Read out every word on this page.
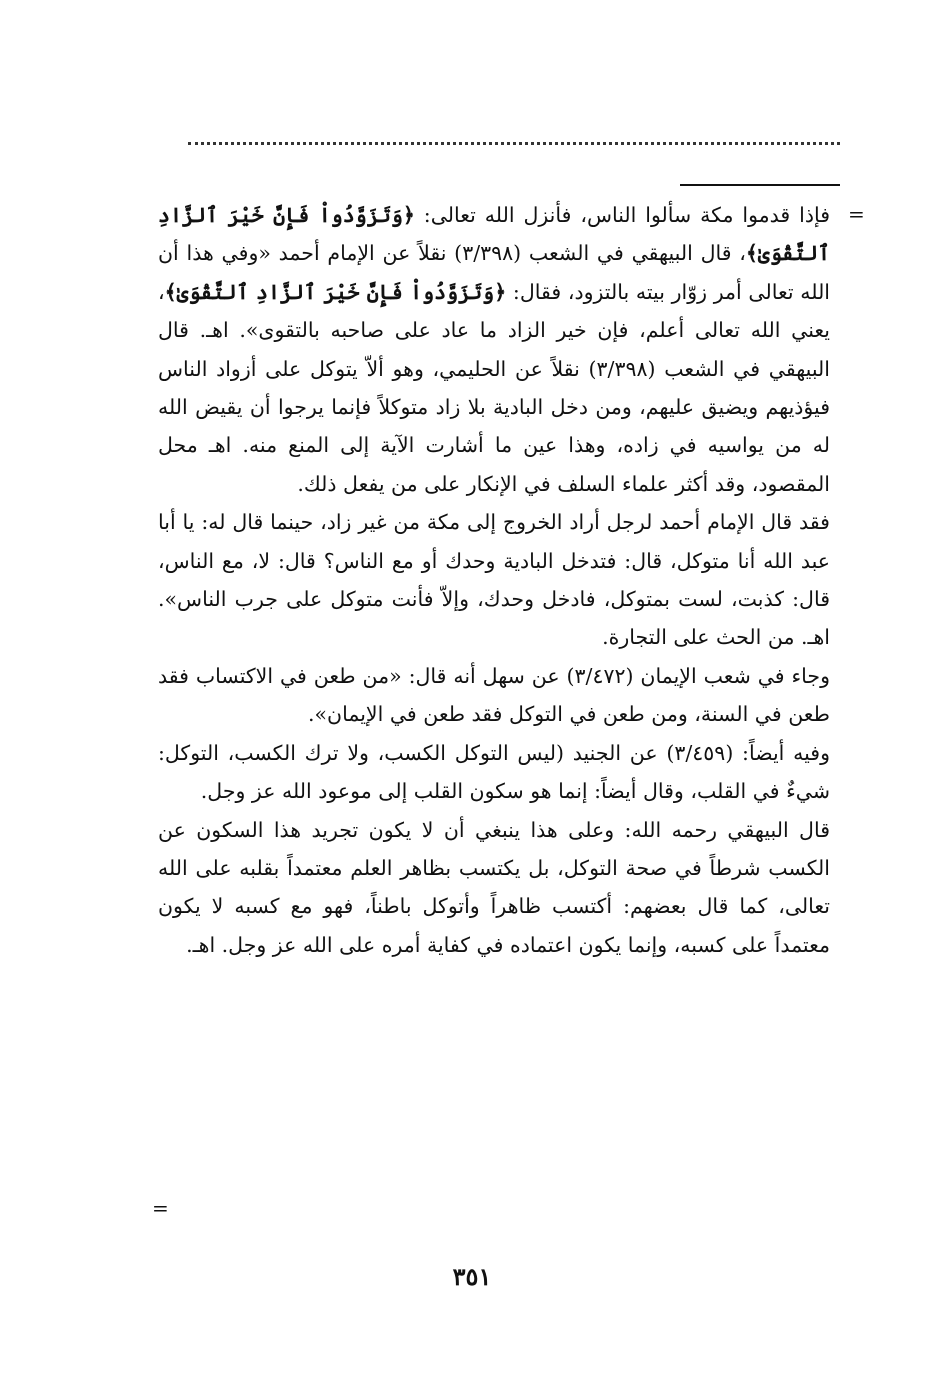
=

فإذا قدموا مكة سألوا الناس، فأنزل الله تعالى: ﴿وَتَزَوَّدُواْ فَإِنَّ خَيْرَ ٱلزَّادِ ٱلتَّقْوَىٰ﴾، قال البيهقي في الشعب (٣/٣٩٨) نقلاً عن الإمام أحمد «وفي هذا أن الله تعالى أمر زوّار بيته بالتزود، فقال: ﴿وَتَزَوَّدُواْ فَإِنَّ خَيْرَ ٱلزَّادِ ٱلتَّقْوَىٰ﴾، يعني الله تعالى أعلم، فإن خير الزاد ما عاد على صاحبه بالتقوى». اهـ. قال البيهقي في الشعب (٣/٣٩٨) نقلاً عن الحليمي، وهو ألاّ يتوكل على أزواد الناس فيؤذيهم ويضيق عليهم، ومن دخل البادية بلا زاد متوكلاً فإنما يرجوا أن يقيض الله له من يواسيه في زاده، وهذا عين ما أشارت الآية إلى المنع منه. اهـ محل المقصود، وقد أكثر علماء السلف في الإنكار على من يفعل ذلك.

فقد قال الإمام أحمد لرجل أراد الخروج إلى مكة من غير زاد، حينما قال له: يا أبا عبد الله أنا متوكل، قال: فتدخل البادية وحدك أو مع الناس؟ قال: لا، مع الناس، قال: كذبت، لست بمتوكل، فادخل وحدك، وإلاّ فأنت متوكل على جرب الناس». اهـ. من الحث على التجارة.

وجاء في شعب الإيمان (٣/٤٧٢) عن سهل أنه قال: «من طعن في الاكتساب فقد طعن في السنة، ومن طعن في التوكل فقد طعن في الإيمان».

وفيه أيضاً: (٣/٤٥٩) عن الجنيد (ليس التوكل الكسب، ولا ترك الكسب، التوكل: شيءٌ في القلب، وقال أيضاً: إنما هو سكون القلب إلى موعود الله عز وجل.

قال البيهقي رحمه الله: وعلى هذا ينبغي أن لا يكون تجريد هذا السكون عن الكسب شرطاً في صحة التوكل، بل يكتسب بظاهر العلم معتمداً بقلبه على الله تعالى، كما قال بعضهم: أكتسب ظاهراً وأتوكل باطناً، فهو مع كسبه لا يكون معتمداً على كسبه، وإنما يكون اعتماده في كفاية أمره على الله عز وجل. اهـ.

=
٣٥١
